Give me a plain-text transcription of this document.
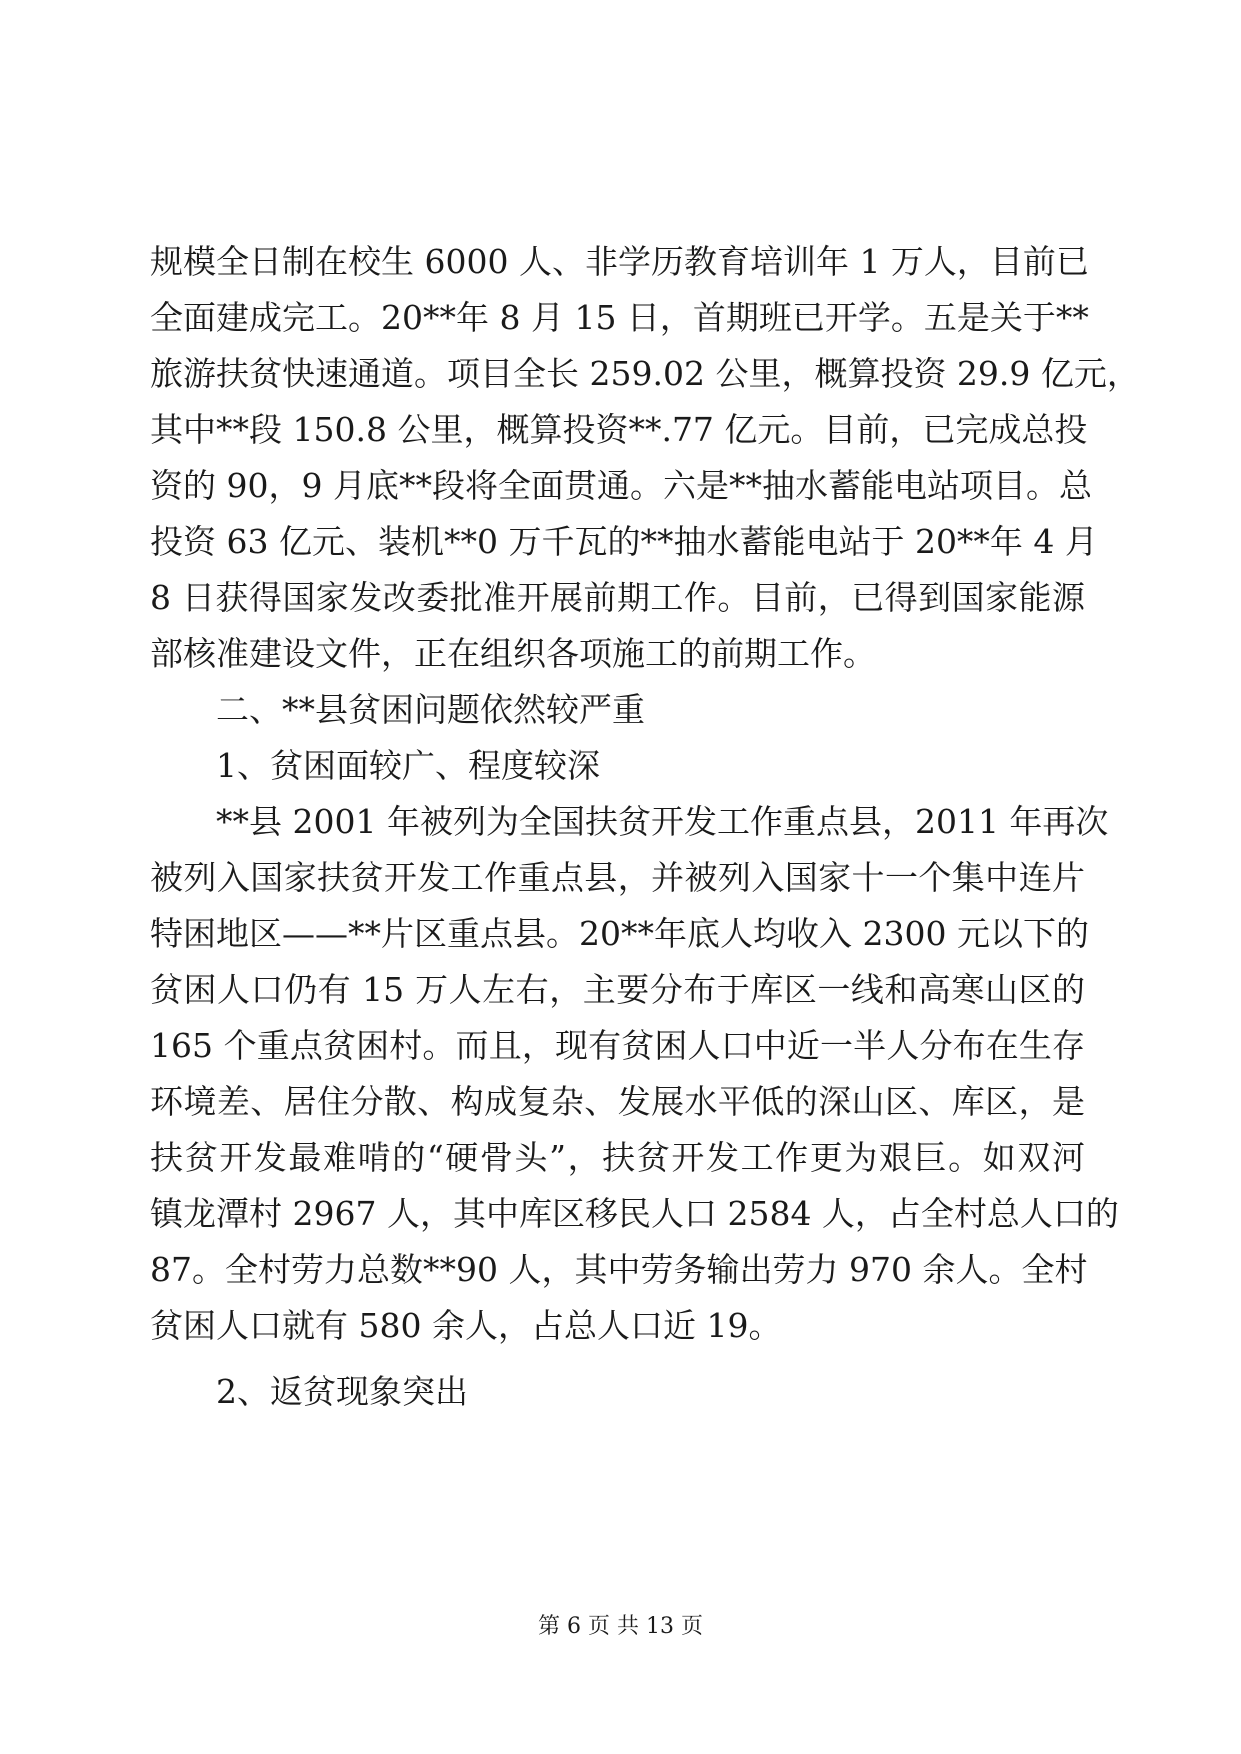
规模全日制在校生 6000 人、非学历教育培训年 1 万人，目前已
全面建成完工。20**年 8 月 15 日，首期班已开学。五是关于**
旅游扶贫快速通道。项目全长 259.02 公里，概算投资 29.9 亿元，
其中**段 150.8 公里，概算投资**.77 亿元。目前，已完成总投
资的 90，9 月底**段将全面贯通。六是**抽水蓄能电站项目。总
投资 63 亿元、装机**0 万千瓦的**抽水蓄能电站于 20**年 4 月
8 日获得国家发改委批准开展前期工作。目前，已得到国家能源
部核准建设文件，正在组织各项施工的前期工作。
二、**县贫困问题依然较严重
1、贫困面较广、程度较深
**县 2001 年被列为全国扶贫开发工作重点县，2011 年再次
被列入国家扶贫开发工作重点县，并被列入国家十一个集中连片
特困地区——**片区重点县。20**年底人均收入 2300 元以下的
贫困人口仍有 15 万人左右，主要分布于库区一线和高寒山区的
165 个重点贫困村。而且，现有贫困人口中近一半人分布在生存
环境差、居住分散、构成复杂、发展水平低的深山区、库区，是
扶贫开发最难啃的“硬骨头”，扶贫开发工作更为艰巨。如双河
镇龙潭村 2967 人，其中库区移民人口 2584 人，占全村总人口的
87。全村劳力总数**90 人，其中劳务输出劳力 970 余人。全村
贫困人口就有 580 余人，占总人口近 19。
2、返贫现象突出
第 6 页 共 13 页
